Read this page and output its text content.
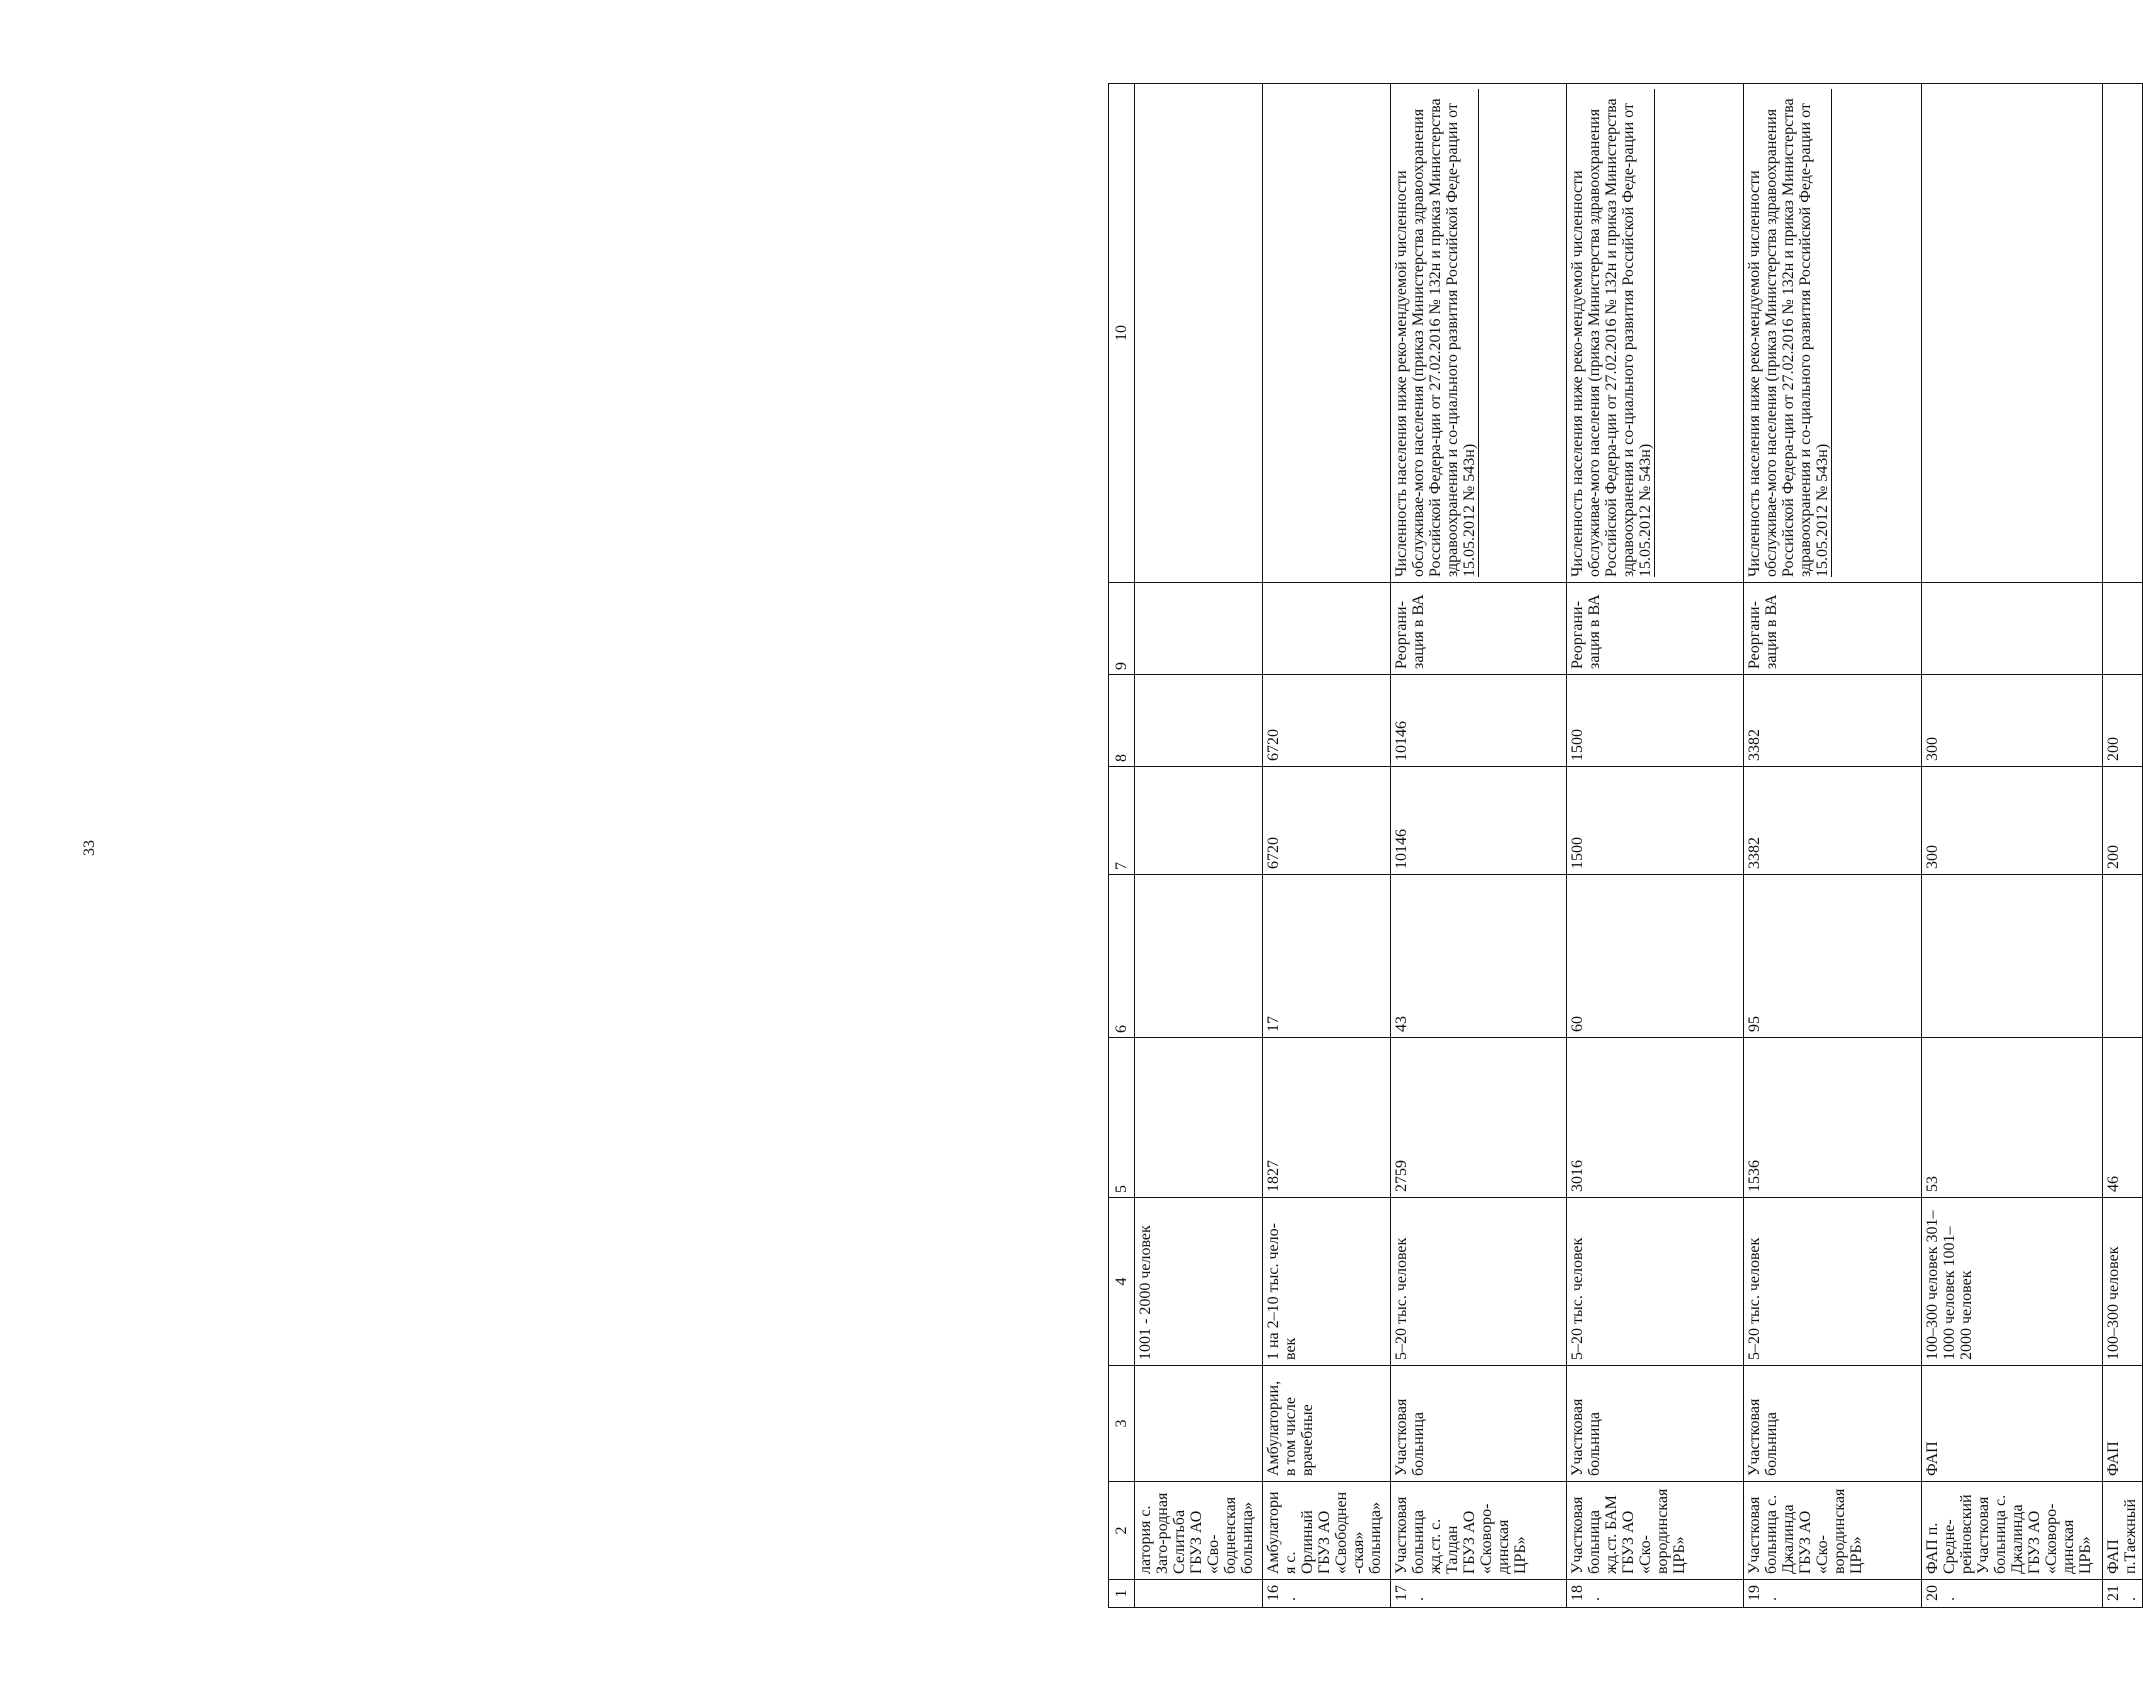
33
1	2	3	4	5	6	7	8	9	10
	латория с. Заго-родная Селитьба ГБУЗ АО «Сво-бодненская больница»		1001 - 2000 человек						
16.	Амбулатория с. Орлиный ГБУЗ АО «Свободнен-ская» больница»	Амбулатории, в том числе врачебные	1 на 2–10 тыс. чело-век	1827	17	6720	6720		
17.	Участковая больница жд.ст. с. Талдан ГБУЗ АО «Сковоро-динская ЦРБ»	Участковая больница	5–20 тыс. человек	2759	43	10146	10146	Реоргани-зация в ВА	Численность населения ниже реко-мендуемой численности обслуживае-мого населения (приказ Министерства здравоохранения Российской Федера-ции от 27.02.2016 № 132н и приказ Министерства здравоохранения и со-циального развития Российской Феде-рации от 15.05.2012 № 543н)
18.	Участковая больница жд.ст. БАМ ГБУЗ АО «Ско-вородинская ЦРБ»	Участковая больница	5–20 тыс. человек	3016	60	1500	1500	Реоргани-зация в ВА	Численность населения ниже реко-мендуемой численности обслуживае-мого населения (приказ Министерства здравоохранения Российской Федера-ции от 27.02.2016 № 132н и приказ Министерства здравоохранения и со-циального развития Российской Феде-рации от 15.05.2012 № 543н)
19.	Участковая больница с. Джалинда ГБУЗ АО «Ско-вородинская ЦРБ»	Участковая больница	5–20 тыс. человек	1536	95	3382	3382	Реоргани-зация в ВА	Численность населения ниже реко-мендуемой численности обслуживае-мого населения (приказ Министерства здравоохранения Российской Федера-ции от 27.02.2016 № 132н и приказ Министерства здравоохранения и со-циального развития Российской Феде-рации от 15.05.2012 № 543н)
20.	ФАП п. Средне-рейновский Участковая больница с. Джалинда ГБУЗ АО «Сковоро-динская ЦРБ»	ФАП	100–300 человек 301–1000 человек 1001–2000 человек	53		300	300		
21.	ФАП п.Таежный	ФАП	100–300 человек	46		200	200		
